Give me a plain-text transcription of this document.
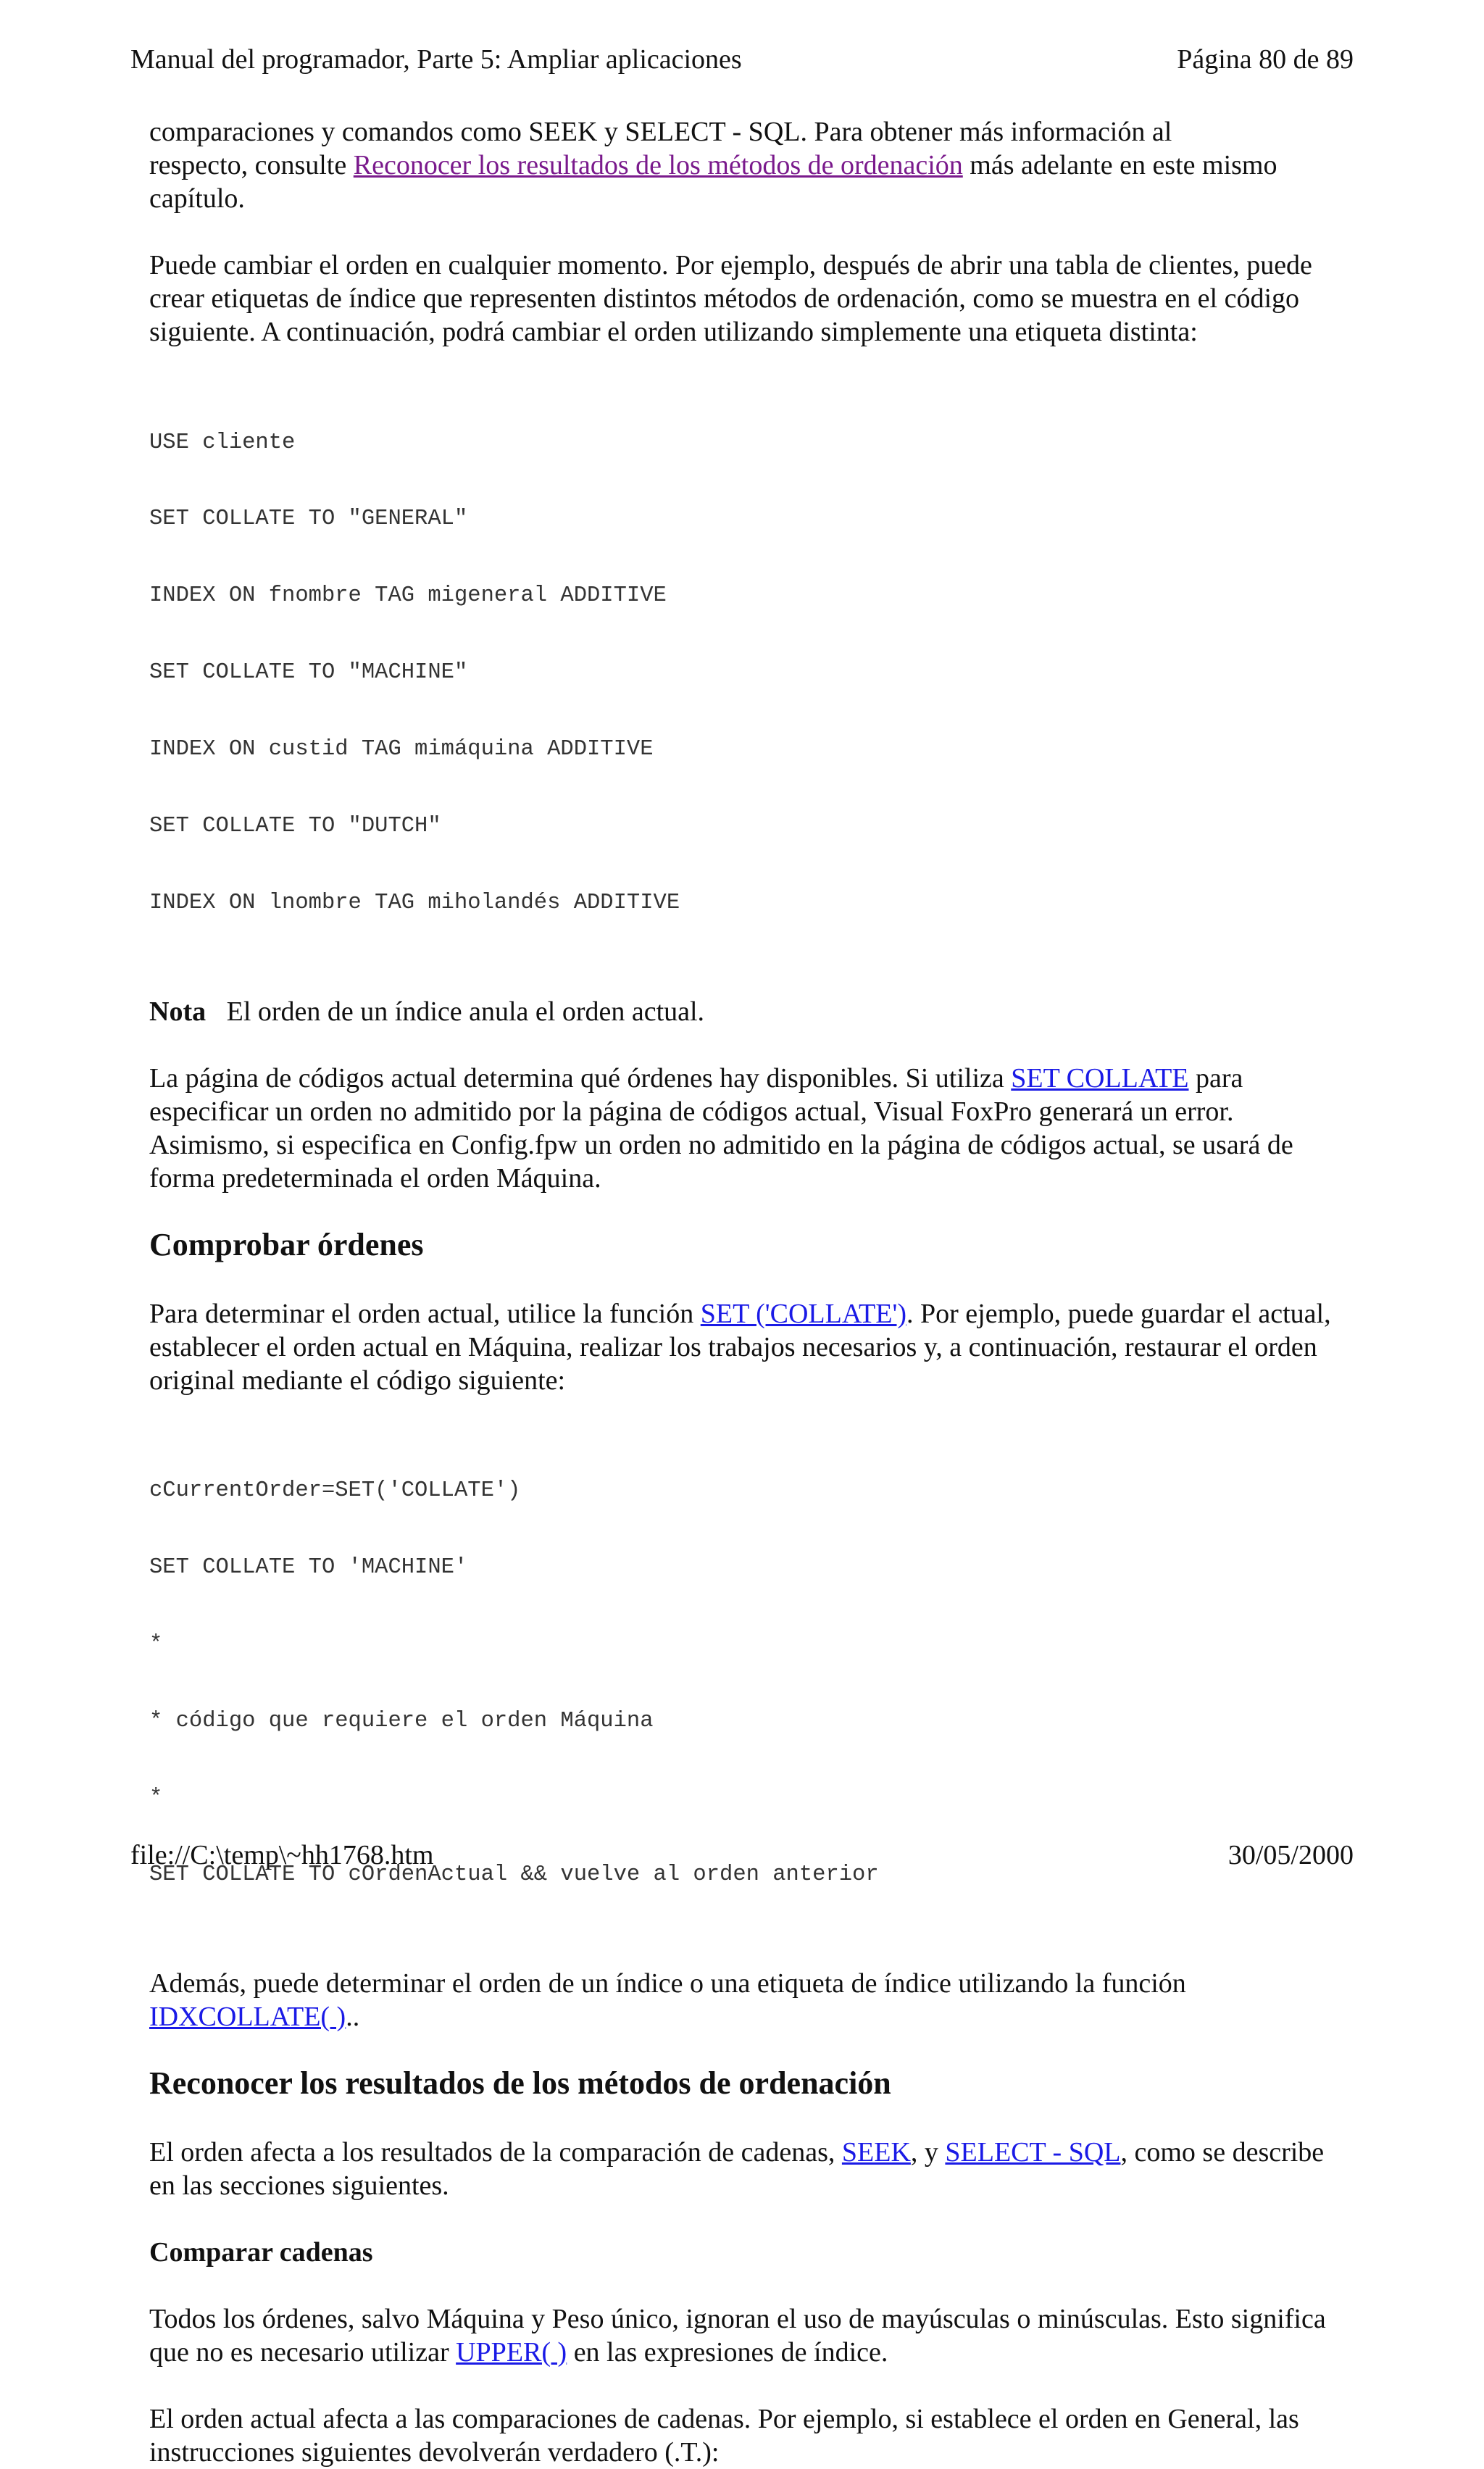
Manual del programador, Parte 5: Ampliar aplicaciones	Página 80 de 89
comparaciones y comandos como SEEK y SELECT - SQL. Para obtener más información al

respecto, consulte Reconocer los resultados de los métodos de ordenación más adelante en este mismo capítulo.

Puede cambiar el orden en cualquier momento. Por ejemplo, después de abrir una tabla de clientes, puede crear etiquetas de índice que representen distintos métodos de ordenación, como se muestra en el código siguiente. A continuación, podrá cambiar el orden utilizando simplemente una etiqueta distinta:

USE cliente

SET COLLATE TO "GENERAL"

INDEX ON fnombre TAG migeneral ADDITIVE

SET COLLATE TO "MACHINE"

INDEX ON custid TAG mimáquina ADDITIVE

SET COLLATE TO "DUTCH"

INDEX ON lnombre TAG miholandés ADDITIVE

Nota El orden de un índice anula el orden actual.

La página de códigos actual determina qué órdenes hay disponibles. Si utiliza SET COLLATE para especificar un orden no admitido por la página de códigos actual, Visual FoxPro generará un error. Asimismo, si especifica en Config.fpw un orden no admitido en la página de códigos actual, se usará de forma predeterminada el orden Máquina.

Comprobar órdenes

Para determinar el orden actual, utilice la función SET ('COLLATE'). Por ejemplo, puede guardar el actual, establecer el orden actual en Máquina, realizar los trabajos necesarios y, a continuación, restaurar el orden original mediante el código siguiente:

cCurrentOrder=SET('COLLATE')

SET COLLATE TO 'MACHINE'

*

* código que requiere el orden Máquina

*

SET COLLATE TO cOrdenActual && vuelve al orden anterior

Además, puede determinar el orden de un índice o una etiqueta de índice utilizando la función IDXCOLLATE( )..

Reconocer los resultados de los métodos de ordenación

El orden afecta a los resultados de la comparación de cadenas, SEEK, y SELECT - SQL, como se describe en las secciones siguientes.

Comparar cadenas

Todos los órdenes, salvo Máquina y Peso único, ignoran el uso de mayúsculas o minúsculas. Esto significa que no es necesario utilizar UPPER( ) en las expresiones de índice.

El orden actual afecta a las comparaciones de cadenas. Por ejemplo, si establece el orden en General, las instrucciones siguientes devolverán verdadero (.T.):

file://C:\temp\~hh1768.htm	30/05/2000
